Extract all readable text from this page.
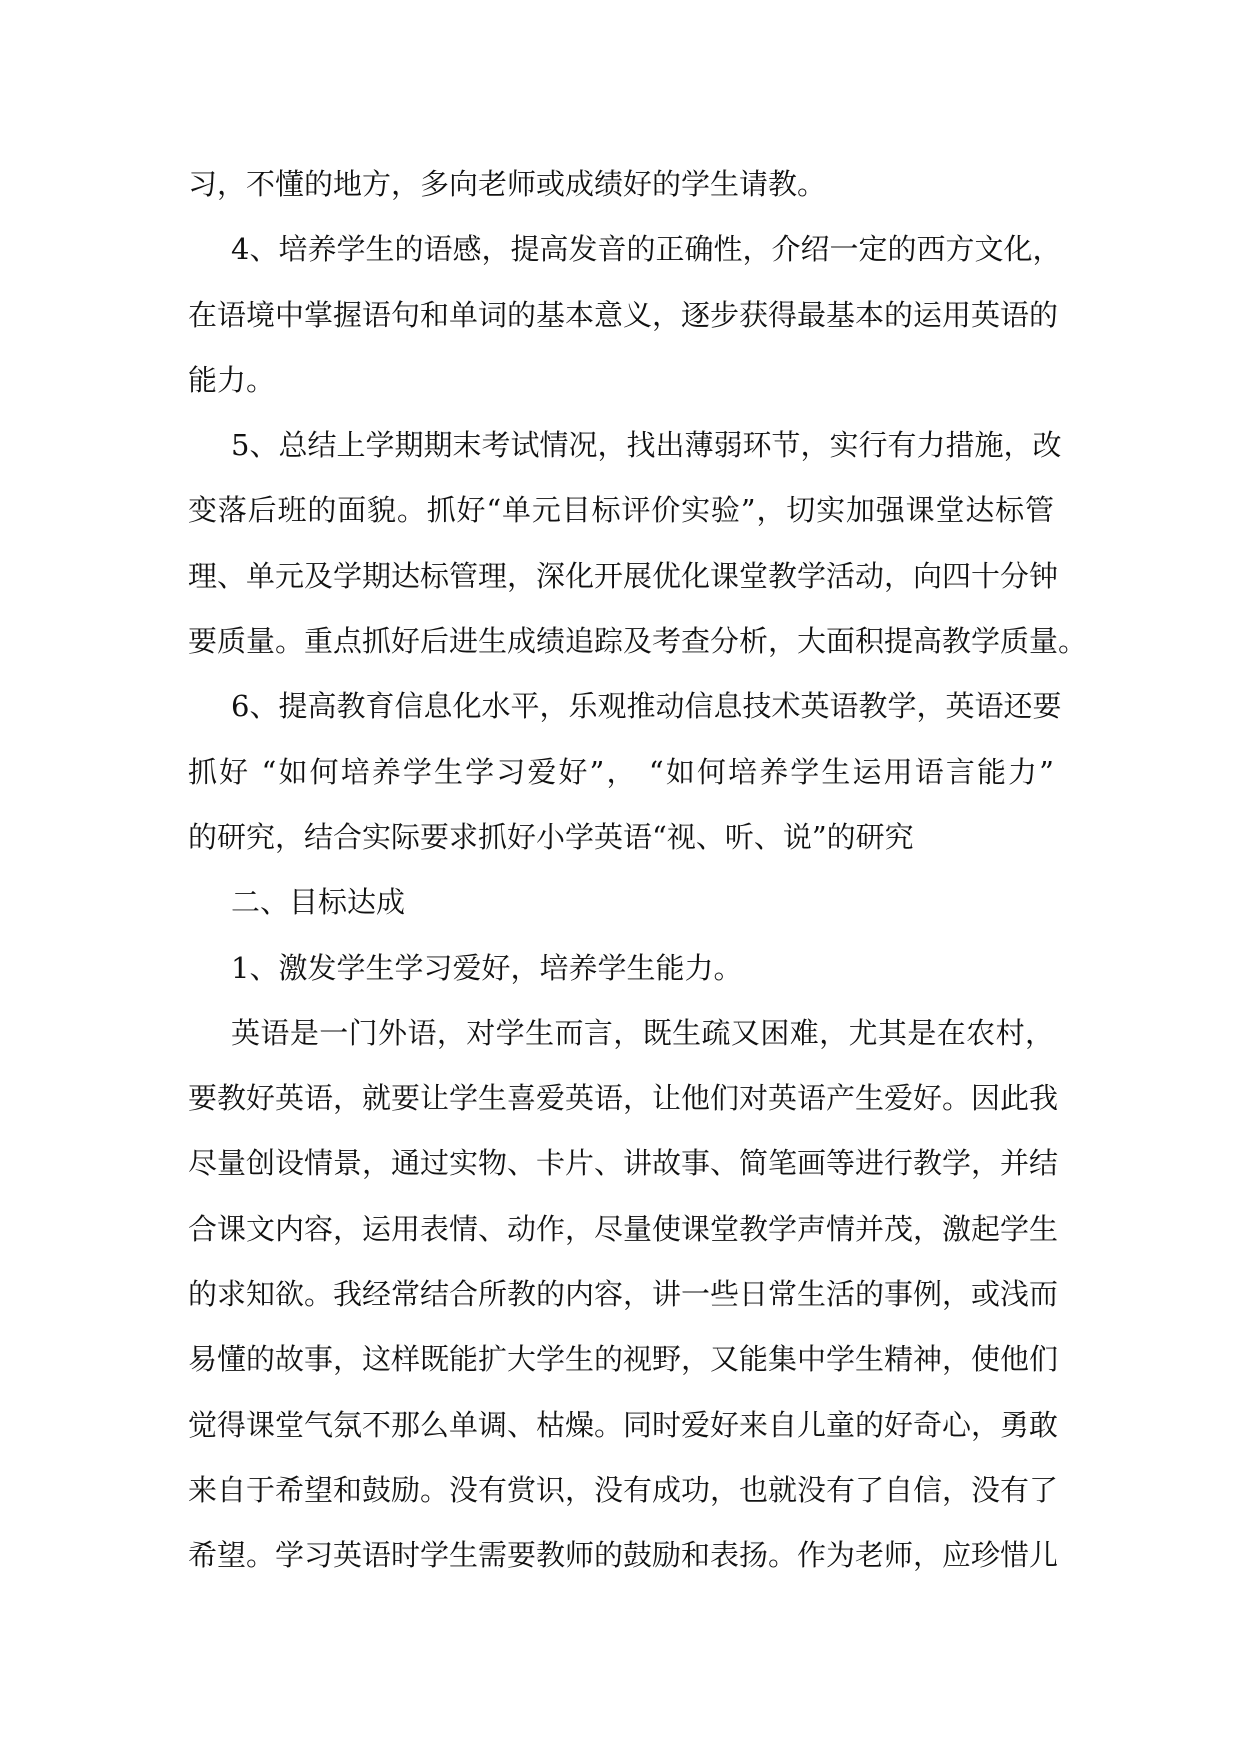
习，不懂的地方，多向老师或成绩好的学生请教。
4、培养学生的语感，提高发音的正确性，介绍一定的西方文化，
在语境中掌握语句和单词的基本意义，逐步获得最基本的运用英语的
能力。
5、总结上学期期末考试情况，找出薄弱环节，实行有力措施，改
变落后班的面貌。抓好“单元目标评价实验”，切实加强课堂达标管
理、单元及学期达标管理，深化开展优化课堂教学活动，向四十分钟
要质量。重点抓好后进生成绩追踪及考查分析，大面积提高教学质量。
6、提高教育信息化水平，乐观推动信息技术英语教学，英语还要
抓好 “如何培养学生学习爱好”， “如何培养学生运用语言能力”
的研究，结合实际要求抓好小学英语“视、听、说”的研究
二、目标达成
1、激发学生学习爱好，培养学生能力。
英语是一门外语，对学生而言，既生疏又困难，尤其是在农村，
要教好英语，就要让学生喜爱英语，让他们对英语产生爱好。因此我
尽量创设情景，通过实物、卡片、讲故事、简笔画等进行教学，并结
合课文内容，运用表情、动作，尽量使课堂教学声情并茂，激起学生
的求知欲。我经常结合所教的内容，讲一些日常生活的事例，或浅而
易懂的故事，这样既能扩大学生的视野，又能集中学生精神，使他们
觉得课堂气氛不那么单调、枯燥。同时爱好来自儿童的好奇心，勇敢
来自于希望和鼓励。没有赏识，没有成功，也就没有了自信，没有了
希望。学习英语时学生需要教师的鼓励和表扬。作为老师，应珍惜儿
